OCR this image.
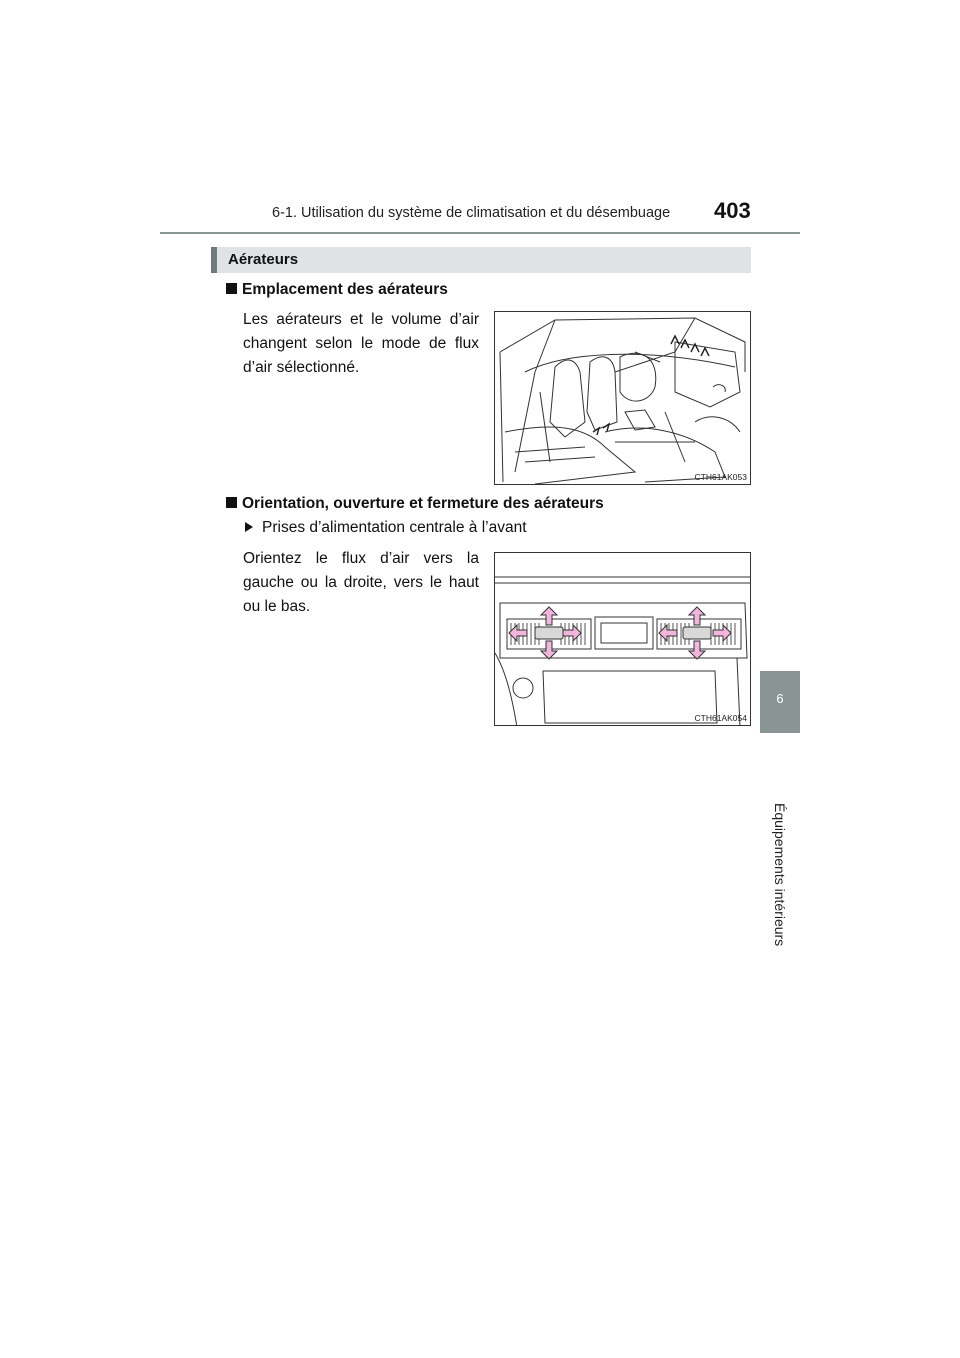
6-1. Utilisation du système de climatisation et du désembuage 403
6
Équipements intérieurs
Aérateurs
Emplacement des aérateurs
Les aérateurs et le volume d’air changent selon le mode de flux d’air sélectionné.
CTH61AK053
Orientation, ouverture et fermeture des aérateurs
Prises d’alimentation centrale à l’avant
Orientez le flux d’air vers la gauche ou la droite, vers le haut ou le bas.
CTH61AK054
